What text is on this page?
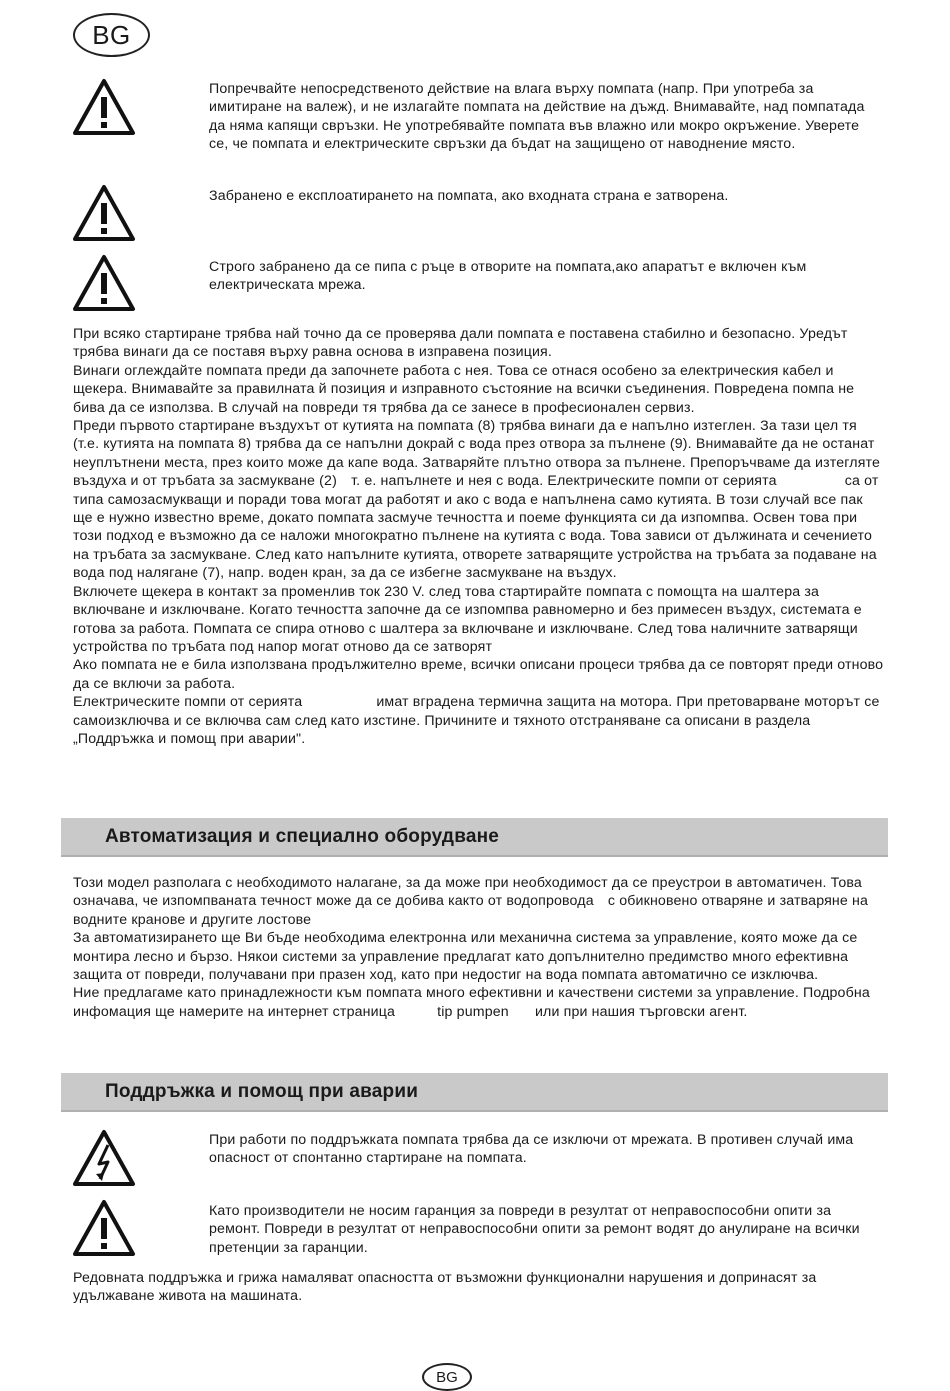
BG
Попречвайте непосредственото действие на влага върху помпата (напр. При употреба за имитиране на валеж), и не излагайте помпата на действие на дъжд. Внимавайте, над помпатада да няма капящи свръзки. Не употребявайте помпата във влажно или мокро окръжение. Уверете се, че помпата и електрическите свръзки да бъдат на защищено от наводнение място.
Забранено е експлоатирането на помпата, ако входната страна е затворена.
Строго забранено да се пипа с ръце в отворите на помпата,ако апаратът е включен към електрическата мрежа.

При всяко стартиране трябва най точно да се проверява дали помпата е поставена стабилно и безопасно. Уредът трябва винаги да се поставя върху равна основа в изправена позиция.

Винаги оглеждайте помпата преди да започнете работа с нея. Това се отнася особено за електрическия кабел и щекера. Внимавайте за правилната й позиция и изправното състояние на всички съединения. Повредена помпа не бива да се използва. В случай на повреди тя трябва да се занесе в професионален сервиз.

Преди първото стартиране въздухът от кутията на помпата (8) трябва винаги да е напълно изтеглен. За тази цел тя (т.е. кутията на помпата 8) трябва да се напълни докрай с вода през отвора за пълнене (9). Внимавайте да не останат неуплътнени места, през които може да капе вода. Затваряйте плътно отвора за пълнене. Препоръчваме да изтегляте въздуха и от тръбата за засмукване (2) т. е. напълнете и нея с вода. Електрическите помпи от серията	са от типа самозасмукващи и поради това могат да работят и ако с вода е напълнена само кутията. В този случай все пак ще е нужно известно време, докато помпата засмуче течността и поеме функцията си да изпомпва. Освен това при този подход е възможно да се наложи многократно пълнене на кутията с вода. Това зависи от дължината и сечението на тръбата за засмукване. След като напълните кутията, отворете затварящите устройства на тръбата за подаване на вода под налягане (7), напр. воден кран, за да се избегне засмукване на въздух.

Включете щекера в контакт за променлив ток 230 V. след това стартирайте помпата с помощта на шалтера за включване и изключване. Когато течността започне да се изпомпва равномерно и без примесен въздух, системата е готова за работа. Помпата се спира отново с шалтера за включване и изключване. След това наличните затварящи устройства по тръбата под напор могат отново да се затворят

Ако помпата не е била използвана продължително време, всички описани процеси трябва да се повторят преди отново да се включи за работа.

Електрическите помпи от серията	имат вградена термична защита на мотора. При претоварване моторът се самоизключва и се включва сам след като изстине. Причините и тяхното отстраняване са описани в раздела „Поддръжка и помощ при аварии".

Автоматизация и специално оборудване

Този модел разполага с необходимото налагане, за да може при необходимост да се преустрои в автоматичен. Това означава, че изпомпваната течност може да се добива както от водопровода с обикновено отваряне и затваряне на водните кранове и другите лостове

За автоматизирането ще Ви бъде необходима електронна или механична система за управление, която може да се монтира лесно и бързо. Някои системи за управление предлагат като допълнително предимство много ефективна защита от повреди, получавани при празен ход, като при недостиг на вода помпата автоматично се изключва.

Ние предлагаме като принадлежности към помпата много ефективни и качествени системи за управление. Подробна инфомация ще намерите на интернет страница	tip pumpen или при нашия търговски агент.

Поддръжка и помощ при аварии
При работи по поддръжката помпата трябва да се изключи от мрежата. В противен случай има опасност от спонтанно стартиране на помпата.
Като производители не носим гаранция за повреди в резултат от неправоспособни опити за ремонт. Повреди в резултат от неправоспособни опити за ремонт водят до анулиране на всички претенции за гаранции.

Редовната поддръжка и грижа намаляват опасността от възможни функционални нарушения и допринасят за удължаване живота на машината.

BG
